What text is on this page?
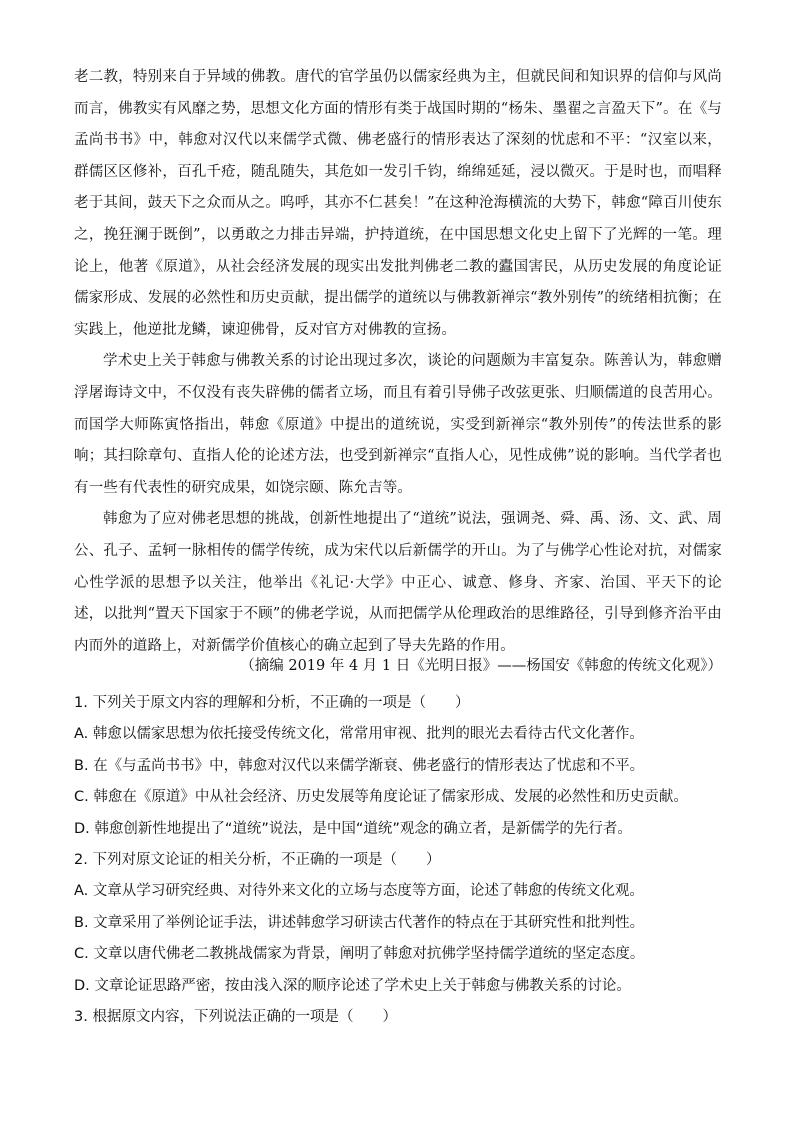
老二教，特别来自于异域的佛教。唐代的官学虽仍以儒家经典为主，但就民间和知识界的信仰与风尚而言，佛教实有风靡之势，思想文化方面的情形有类于战国时期的“杨朱、墨翟之言盈天下”。在《与孟尚书书》中，韩愈对汉代以来儒学式微、佛老盛行的情形表达了深刻的忧虑和不平：“汉室以来，群儒区区修补，百孔千疮，随乱随失，其危如一发引千钧，绵绵延延，浸以微灭。于是时也，而唱释老于其间，鼓天下之众而从之。呜呼，其亦不仁甚矣！”在这种沧海横流的大势下，韩愈“障百川使东之，挽狂澜于既倒”，以勇敢之力排击异端，护持道统，在中国思想文化史上留下了光辉的一笔。理论上，他著《原道》，从社会经济发展的现实出发批判佛老二教的蠹国害民，从历史发展的角度论证儒家形成、发展的必然性和历史贡献，提出儒学的道统以与佛教新禅宗“教外别传”的统绪相抗衡；在实践上，他逆批龙鳞，谏迎佛骨，反对官方对佛教的宣扬。

学术史上关于韩愈与佛教关系的讨论出现过多次，谈论的问题颇为丰富复杂。陈善认为，韩愈赠浮屠诲诗文中，不仅没有丧失辟佛的儒者立场，而且有着引导佛子改弦更张、归顺儒道的良苦用心。而国学大师陈寅恪指出，韩愈《原道》中提出的道统说，实受到新禅宗“教外别传”的传法世系的影响；其扫除章句、直指人伦的论述方法，也受到新禅宗“直指人心，见性成佛”说的影响。当代学者也有一些有代表性的研究成果，如饶宗颐、陈允吉等。

韩愈为了应对佛老思想的挑战，创新性地提出了“道统”说法，强调尧、舜、禹、汤、文、武、周公、孔子、孟轲一脉相传的儒学传统，成为宋代以后新儒学的开山。为了与佛学心性论对抗，对儒家心性学派的思想予以关注，他举出《礼记·大学》中正心、诚意、修身、齐家、治国、平天下的论述，以批判“置天下国家于不顾”的佛老学说，从而把儒学从伦理政治的思维路径，引导到修齐治平由内而外的道路上，对新儒学价值核心的确立起到了导夫先路的作用。

（摘编 2019 年 4 月 1 日《光明日报》——杨国安《韩愈的传统文化观》）

1. 下列关于原文内容的理解和分析，不正确的一项是（　　）

A. 韩愈以儒家思想为依托接受传统文化，常常用审视、批判的眼光去看待古代文化著作。

B. 在《与孟尚书书》中，韩愈对汉代以来儒学渐衰、佛老盛行的情形表达了忧虑和不平。

C. 韩愈在《原道》中从社会经济、历史发展等角度论证了儒家形成、发展的必然性和历史贡献。

D. 韩愈创新性地提出了“道统”说法，是中国“道统”观念的确立者，是新儒学的先行者。

2. 下列对原文论证的相关分析，不正确的一项是（　　）

A. 文章从学习研究经典、对待外来文化的立场与态度等方面，论述了韩愈的传统文化观。

B. 文章采用了举例论证手法，讲述韩愈学习研读古代著作的特点在于其研究性和批判性。

C. 文章以唐代佛老二教挑战儒家为背景，阐明了韩愈对抗佛学坚持儒学道统的坚定态度。

D. 文章论证思路严密，按由浅入深的顺序论述了学术史上关于韩愈与佛教关系的讨论。

3. 根据原文内容，下列说法正确的一项是（　　）
